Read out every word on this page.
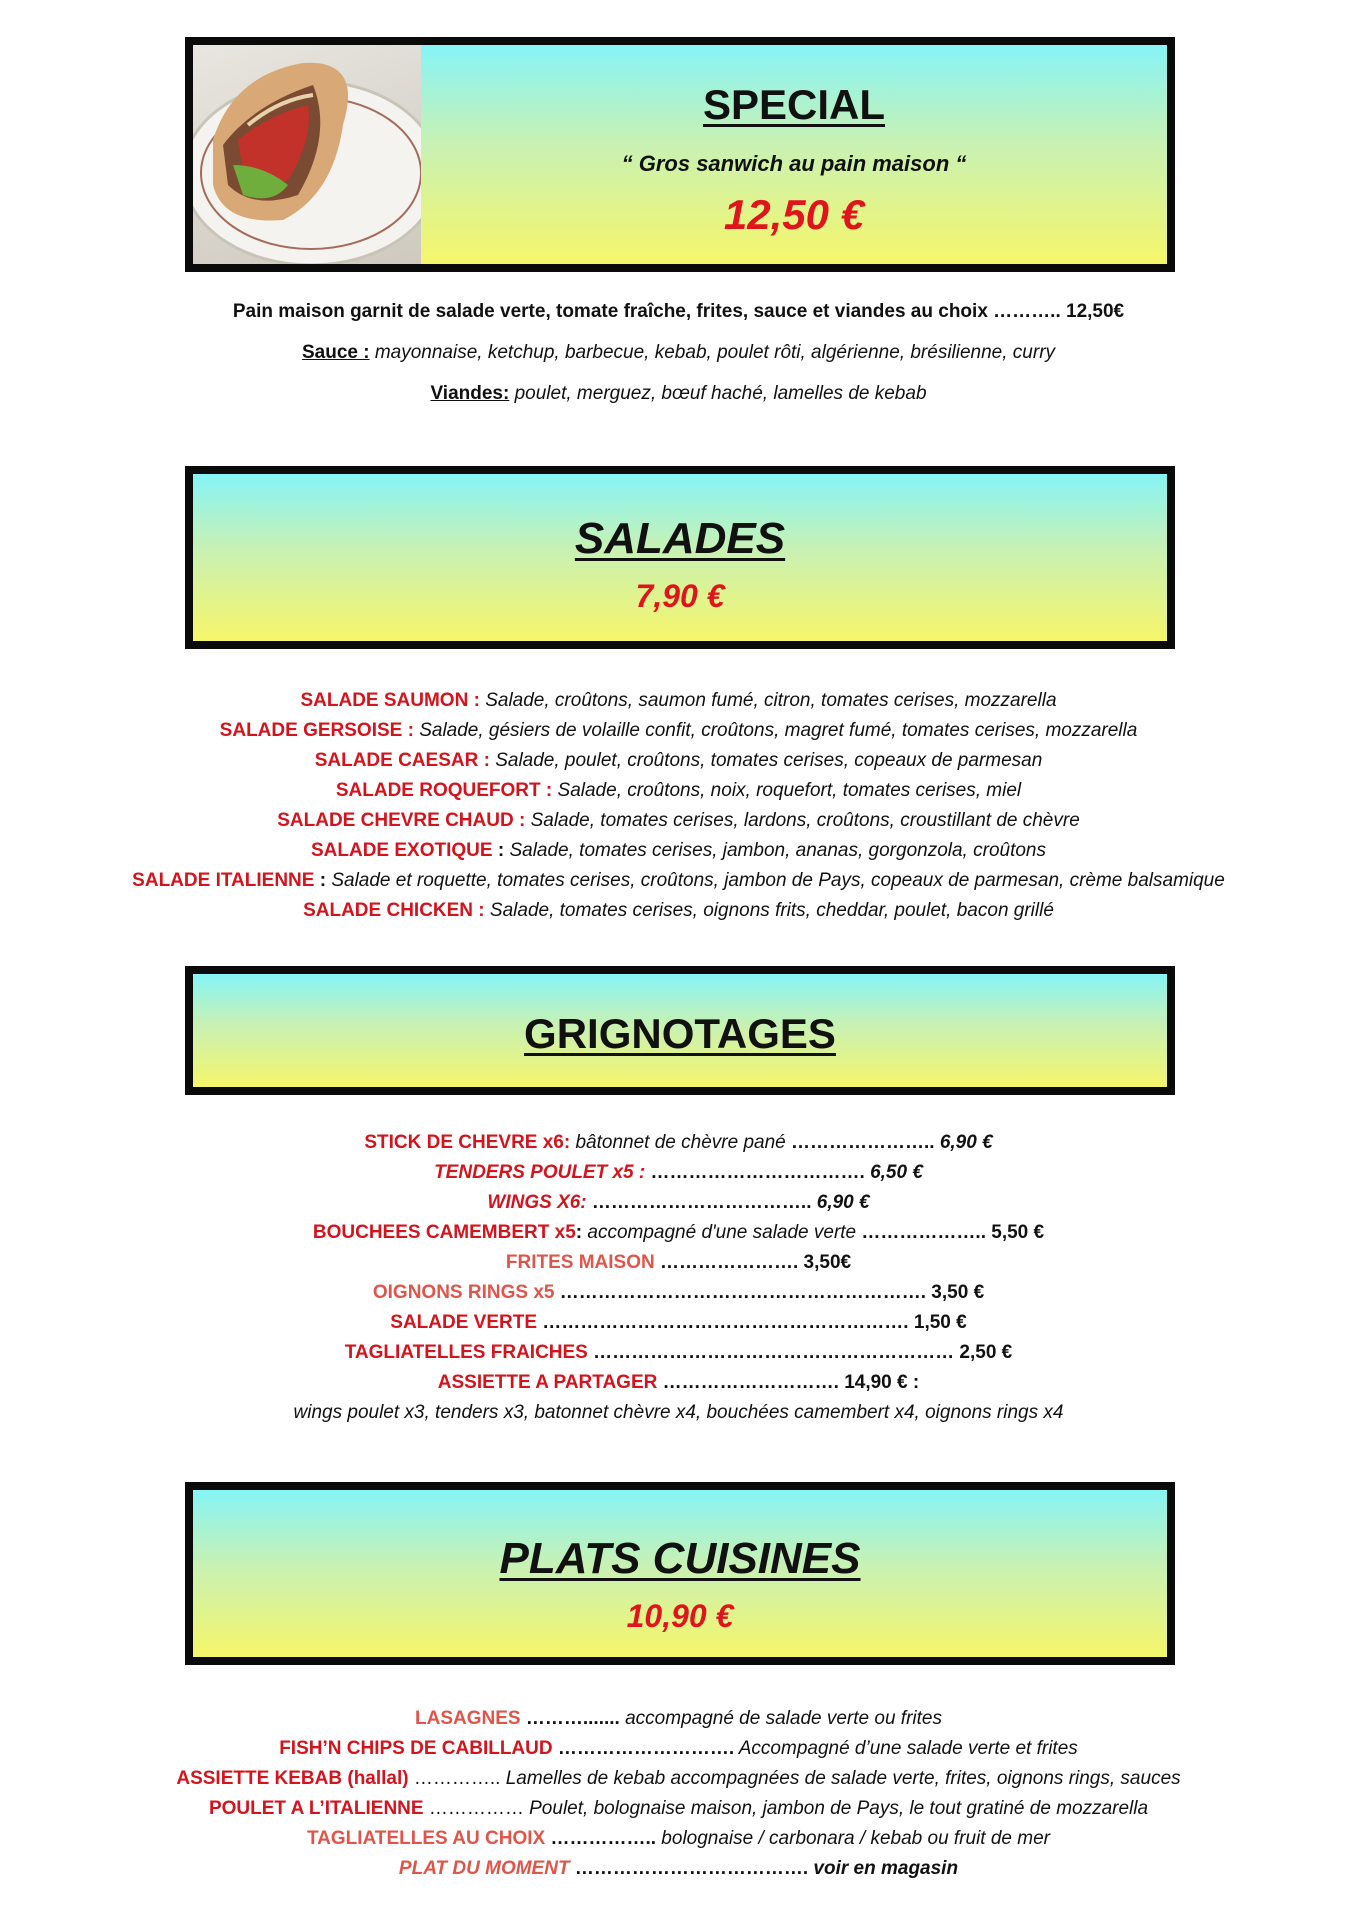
SPECIAL
“ Gros sanwich au pain maison “
12,50 €
Pain maison garnit de salade verte, tomate fraîche, frites, sauce et viandes au choix ……….. 12,50€
Sauce : mayonnaise, ketchup, barbecue, kebab, poulet rôti, algérienne, brésilienne, curry
Viandes: poulet, merguez, bœuf haché, lamelles de kebab
SALADES
7,90 €
SALADE SAUMON : Salade, croûtons, saumon fumé, citron, tomates cerises, mozzarella
SALADE GERSOISE : Salade, gésiers de volaille confit, croûtons, magret fumé, tomates cerises, mozzarella
SALADE CAESAR : Salade, poulet, croûtons, tomates cerises, copeaux de parmesan
SALADE ROQUEFORT : Salade, croûtons, noix, roquefort, tomates cerises, miel
SALADE CHEVRE CHAUD : Salade, tomates cerises, lardons, croûtons, croustillant de chèvre
SALADE EXOTIQUE : Salade, tomates cerises, jambon, ananas, gorgonzola, croûtons
SALADE ITALIENNE : Salade et roquette, tomates cerises, croûtons, jambon de Pays, copeaux de parmesan, crème balsamique
SALADE CHICKEN : Salade, tomates cerises, oignons frits, cheddar, poulet, bacon grillé
GRIGNOTAGES
STICK DE CHEVRE x6: bâtonnet de chèvre pané ………………….. 6,90 €
TENDERS POULET x5 : ……………………………. 6,50 €
WINGS X6: …………………………….. 6,90 €
BOUCHEES CAMEMBERT x5: accompagné d'une salade verte ……………….. 5,50 €
FRITES MAISON …………………. 3,50€
OIGNONS RINGS x5 …………………………………………………. 3,50 €
SALADE VERTE …………………………………………………. 1,50 €
TAGLIATELLES FRAICHES ………………………………………………… 2,50 €
ASSIETTE A PARTAGER ………………………. 14,90 € :
wings poulet x3, tenders x3, batonnet chèvre x4, bouchées camembert x4, oignons rings x4
PLATS CUISINES
10,90 €
LASAGNES ………....... accompagné de salade verte ou frites
FISH’N CHIPS DE CABILLAUD ………………………. Accompagné d’une salade verte et frites
ASSIETTE KEBAB (hallal) ………….. Lamelles de kebab accompagnées de salade verte, frites, oignons rings, sauces
POULET A L’ITALIENNE …………… Poulet, bolognaise maison, jambon de Pays, le tout gratiné de mozzarella
TAGLIATELLES AU CHOIX …………….. bolognaise / carbonara / kebab ou fruit de mer
PLAT DU MOMENT ………………………………. voir en magasin
